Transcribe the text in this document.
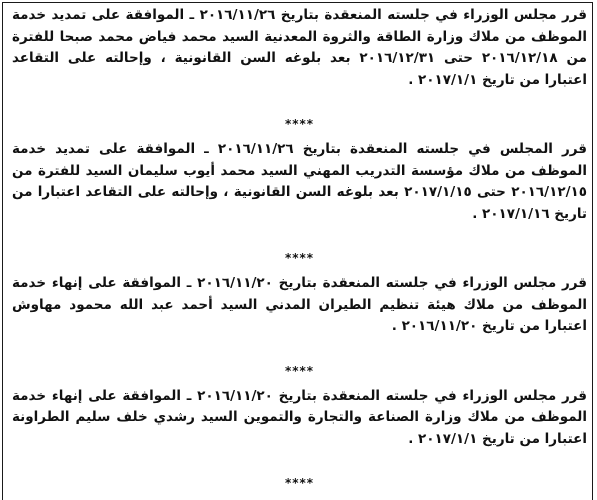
قرر مجلس الوزراء في جلسته المنعقدة بتاريخ ٢٠١٦/١١/٢٦ ـ الموافقة على تمديد خدمة الموظف من ملاك وزارة الطاقة والثروة المعدنية السيد محمد فياض محمد صبحا للفترة من ٢٠١٦/١٢/١٨ حتى ٢٠١٦/١٢/٣١ بعد بلوغه السن القانونية ، وإحالته على التقاعد اعتبارا من تاريخ ٢٠١٧/١/١ .

****

قرر المجلس في جلسته المنعقدة بتاريخ ٢٠١٦/١١/٢٦ ـ الموافقة على تمديد خدمة الموظف من ملاك مؤسسة التدريب المهني السيد محمد أيوب سليمان السيد للفترة من ٢٠١٦/١٢/١٥ حتى ٢٠١٧/١/١٥ بعد بلوغه السن القانونية ، وإحالته على التقاعد اعتبارا من تاريخ ٢٠١٧/١/١٦ .

****

قرر مجلس الوزراء في جلسته المنعقدة بتاريخ ٢٠١٦/١١/٢٠ ـ الموافقة على إنهاء خدمة الموظف من ملاك هيئة تنظيم الطيران المدني السيد أحمد عبد الله محمود مهاوش اعتبارا من تاريخ ٢٠١٦/١١/٢٠ .

****

قرر مجلس الوزراء في جلسته المنعقدة بتاريخ ٢٠١٦/١١/٢٠ ـ الموافقة على إنهاء خدمة الموظف من ملاك وزارة الصناعة والتجارة والتموين السيد رشدي خلف سليم الطراونة اعتبارا من تاريخ ٢٠١٧/١/١ .

****
